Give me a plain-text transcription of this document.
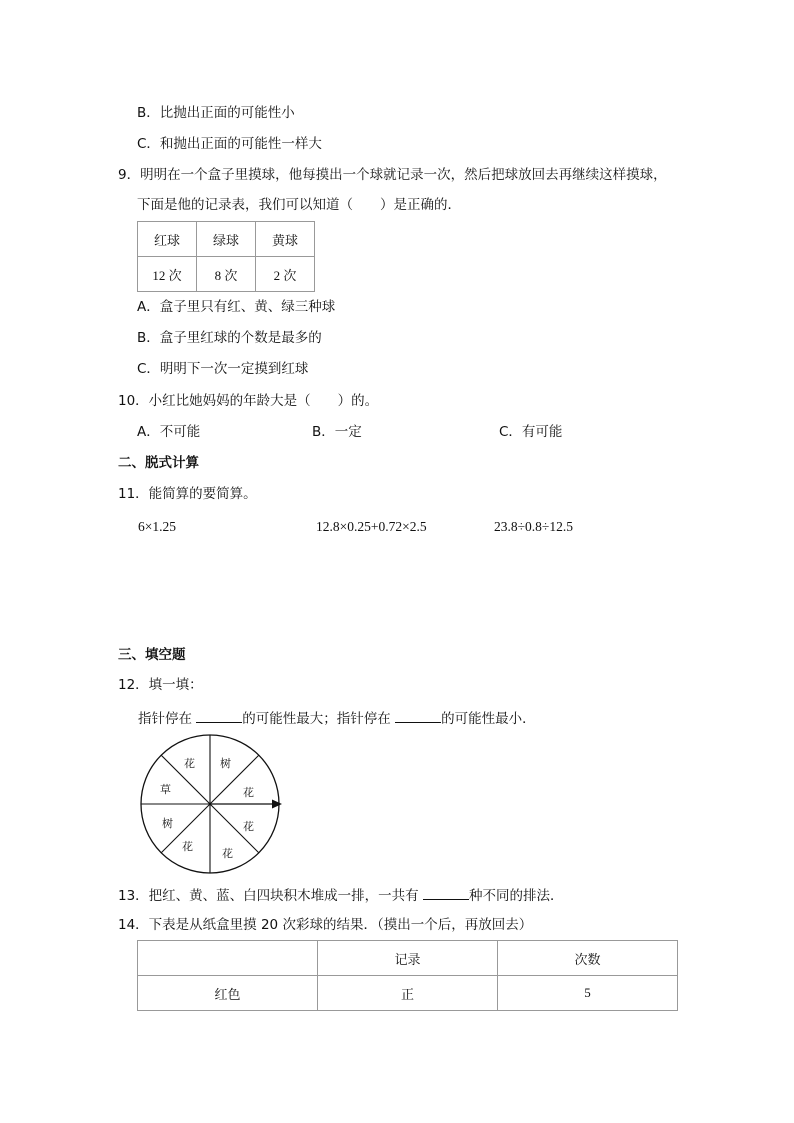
B．比抛出正面的可能性小
C．和抛出正面的可能性一样大
9．明明在一个盒子里摸球，他每摸出一个球就记录一次，然后把球放回去再继续这样摸球，
下面是他的记录表，我们可以知道（　　）是正确的．
红球	绿球	黄球
12 次	8 次	2 次
A．盒子里只有红、黄、绿三种球
B．盒子里红球的个数是最多的
C．明明下一次一定摸到红球
10．小红比她妈妈的年龄大是（　　）的。
A．不可能	B．一定	C．有可能
二、脱式计算
11．能简算的要简算。
6×1.25	12.8×0.25+0.72×2.5	23.8÷0.8÷12.5
三、填空题
12．填一填：
指针停在	的可能性最大；指针停在	的可能性最小．
树
花
花
花
花
树
草
花
13．把红、黄、蓝、白四块积木堆成一排，一共有	种不同的排法．
14．下表是从纸盒里摸 20 次彩球的结果．（摸出一个后，再放回去）
	记录	次数
红色	正	5
